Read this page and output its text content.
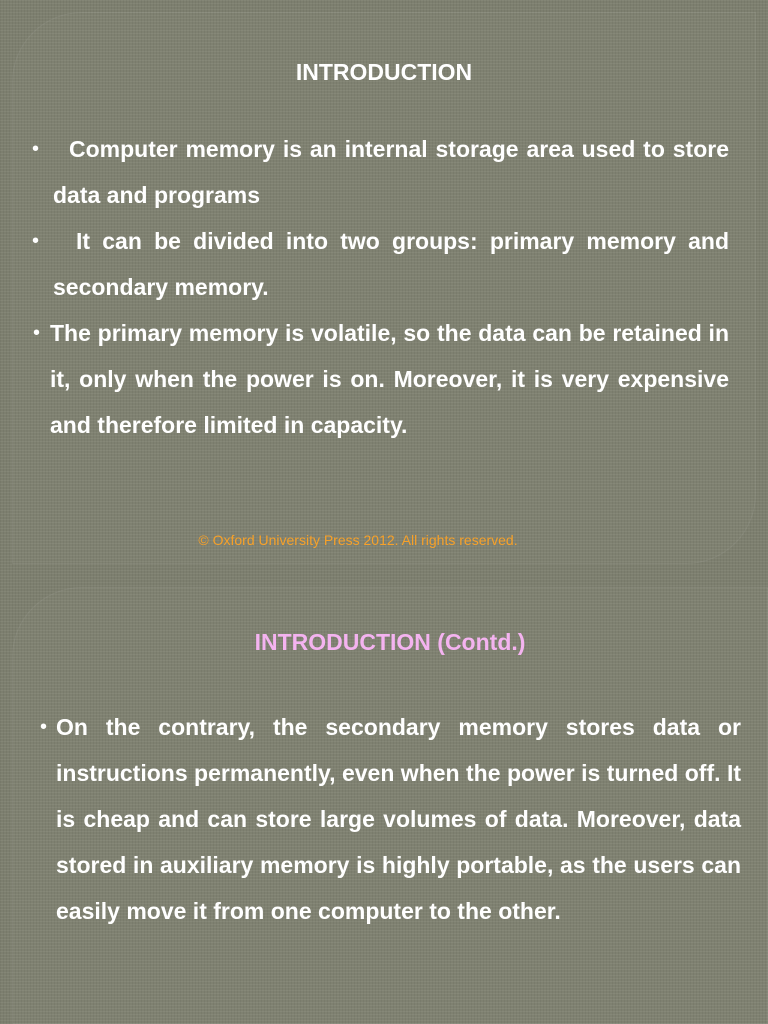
INTRODUCTION
• Computer memory is an internal storage area used to store data and programs
• It can be divided into two groups: primary memory and secondary memory.
• The primary memory is volatile, so the data can be retained in it, only when the power is on. Moreover, it is very expensive and therefore limited in capacity.
© Oxford University Press 2012. All rights reserved.
INTRODUCTION (Contd.)
• On the contrary, the secondary memory stores data or instructions permanently, even when the power is turned off. It is cheap and can store large volumes of data. Moreover, data stored in auxiliary memory is highly portable, as the users can easily move it from one computer to the other.
